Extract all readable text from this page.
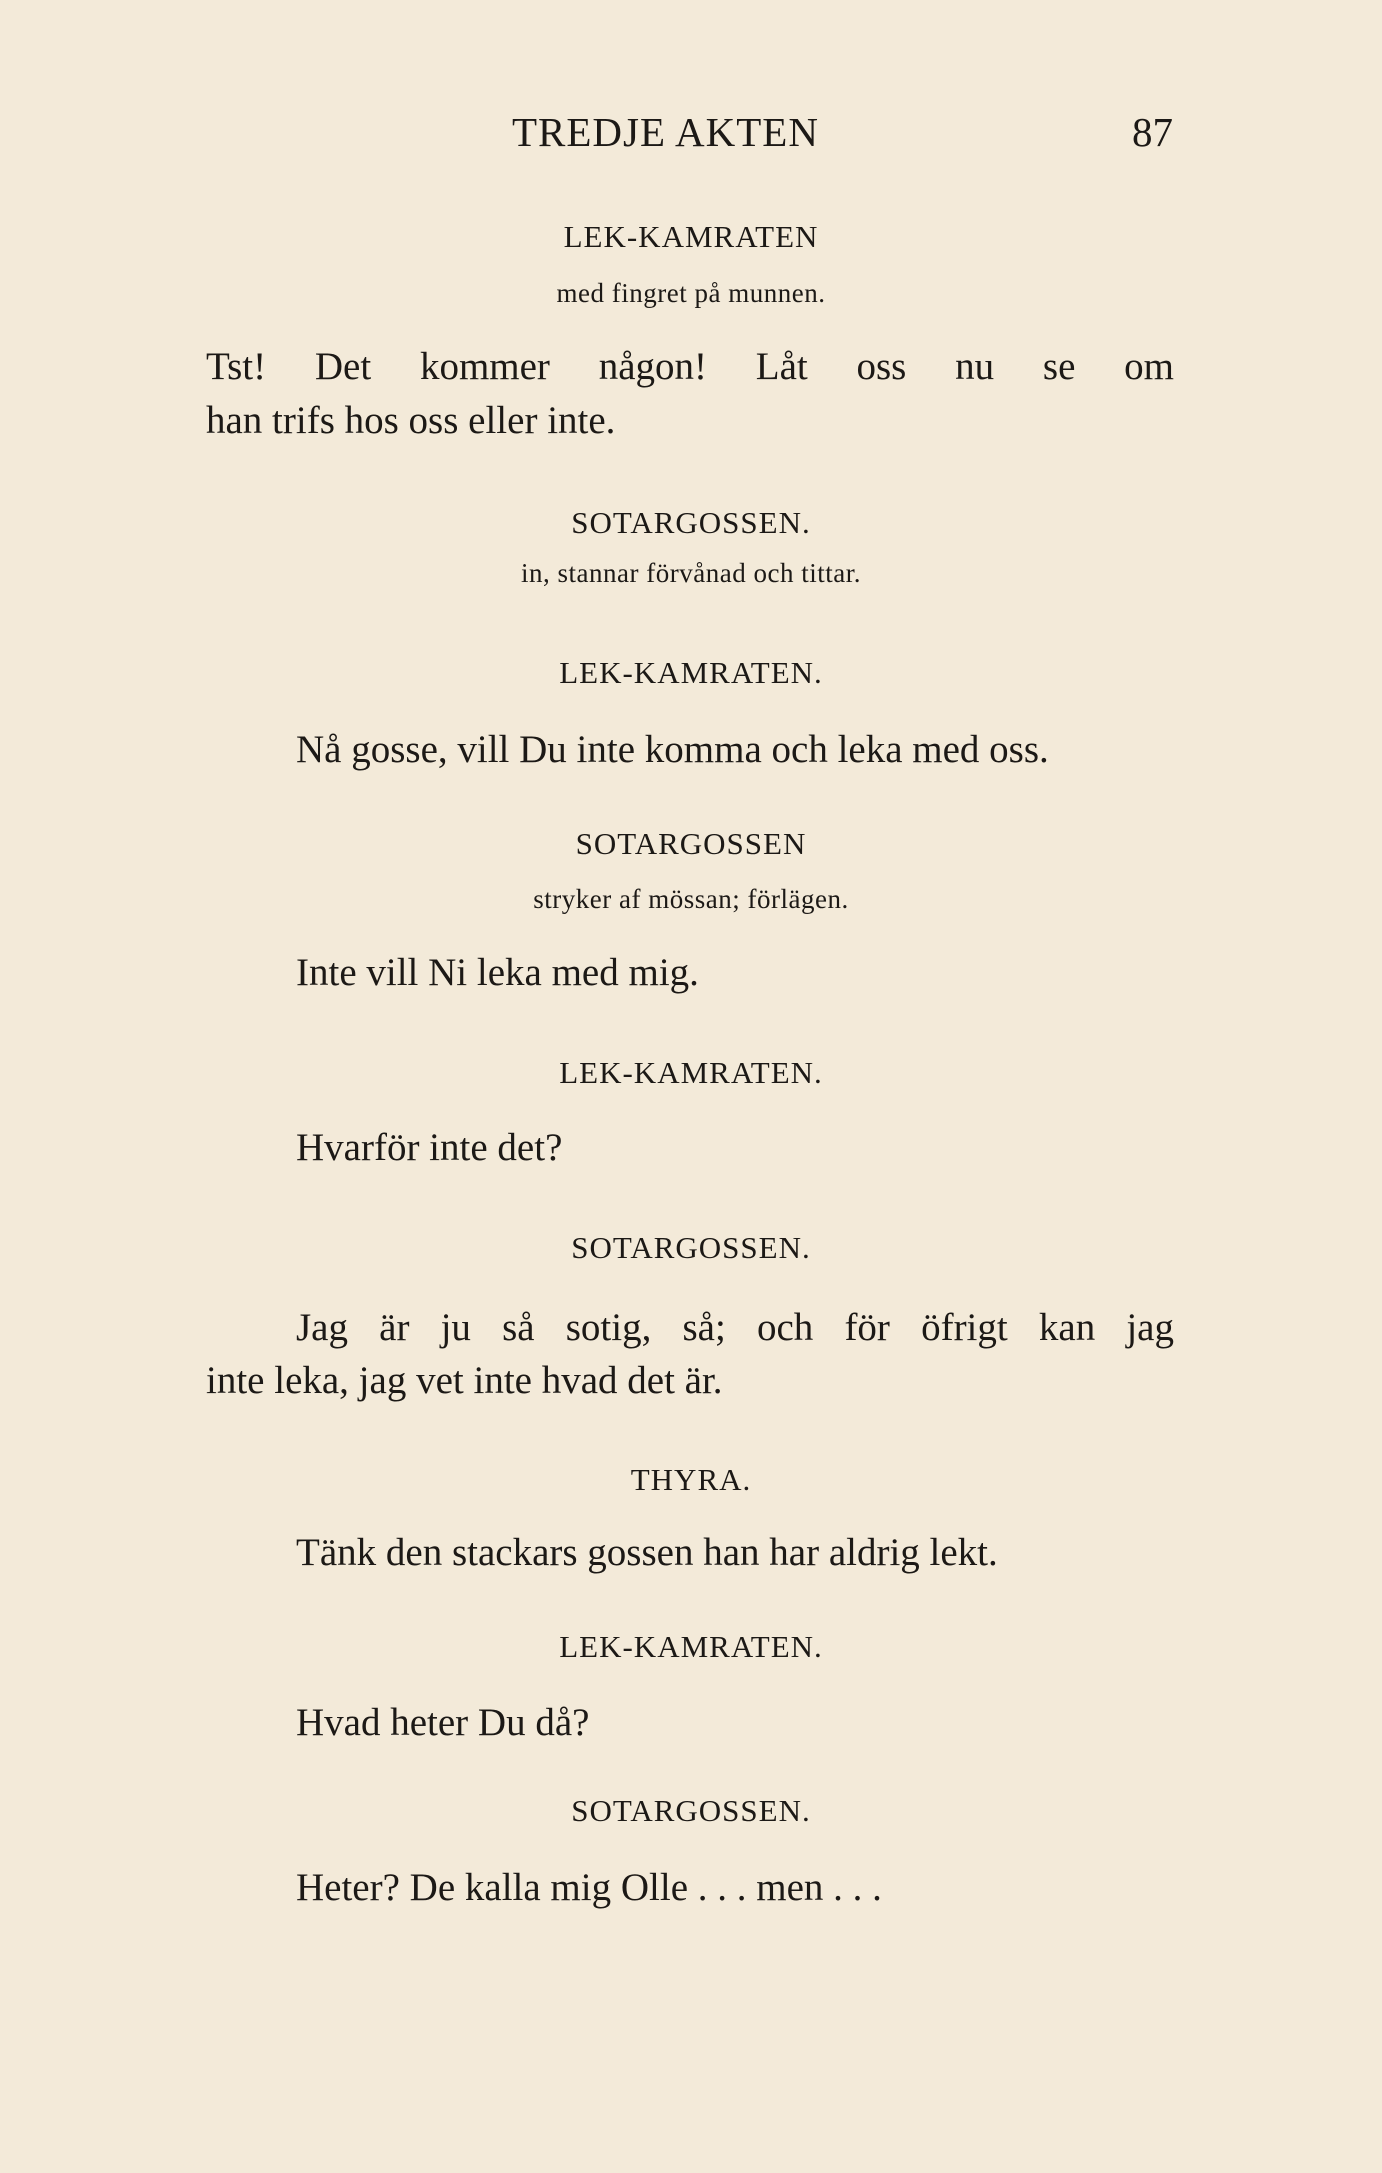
TREDJE AKTEN	87
LEK-KAMRATEN
med fingret på munnen.
Tst! Det kommer någon! Låt oss nu se om
han trifs hos oss eller inte.
SOTARGOSSEN.
in, stannar förvånad och tittar.
LEK-KAMRATEN.
Nå gosse, vill Du inte komma och leka med oss.
SOTARGOSSEN
stryker af mössan; förlägen.
Inte vill Ni leka med mig.
LEK-KAMRATEN.
Hvarför inte det?
SOTARGOSSEN.
Jag är ju så sotig, så; och för öfrigt kan jag
inte leka, jag vet inte hvad det är.
THYRA.
Tänk den stackars gossen han har aldrig lekt.
LEK-KAMRATEN.
Hvad heter Du då?
SOTARGOSSEN.
Heter? De kalla mig Olle . . . men . . .
